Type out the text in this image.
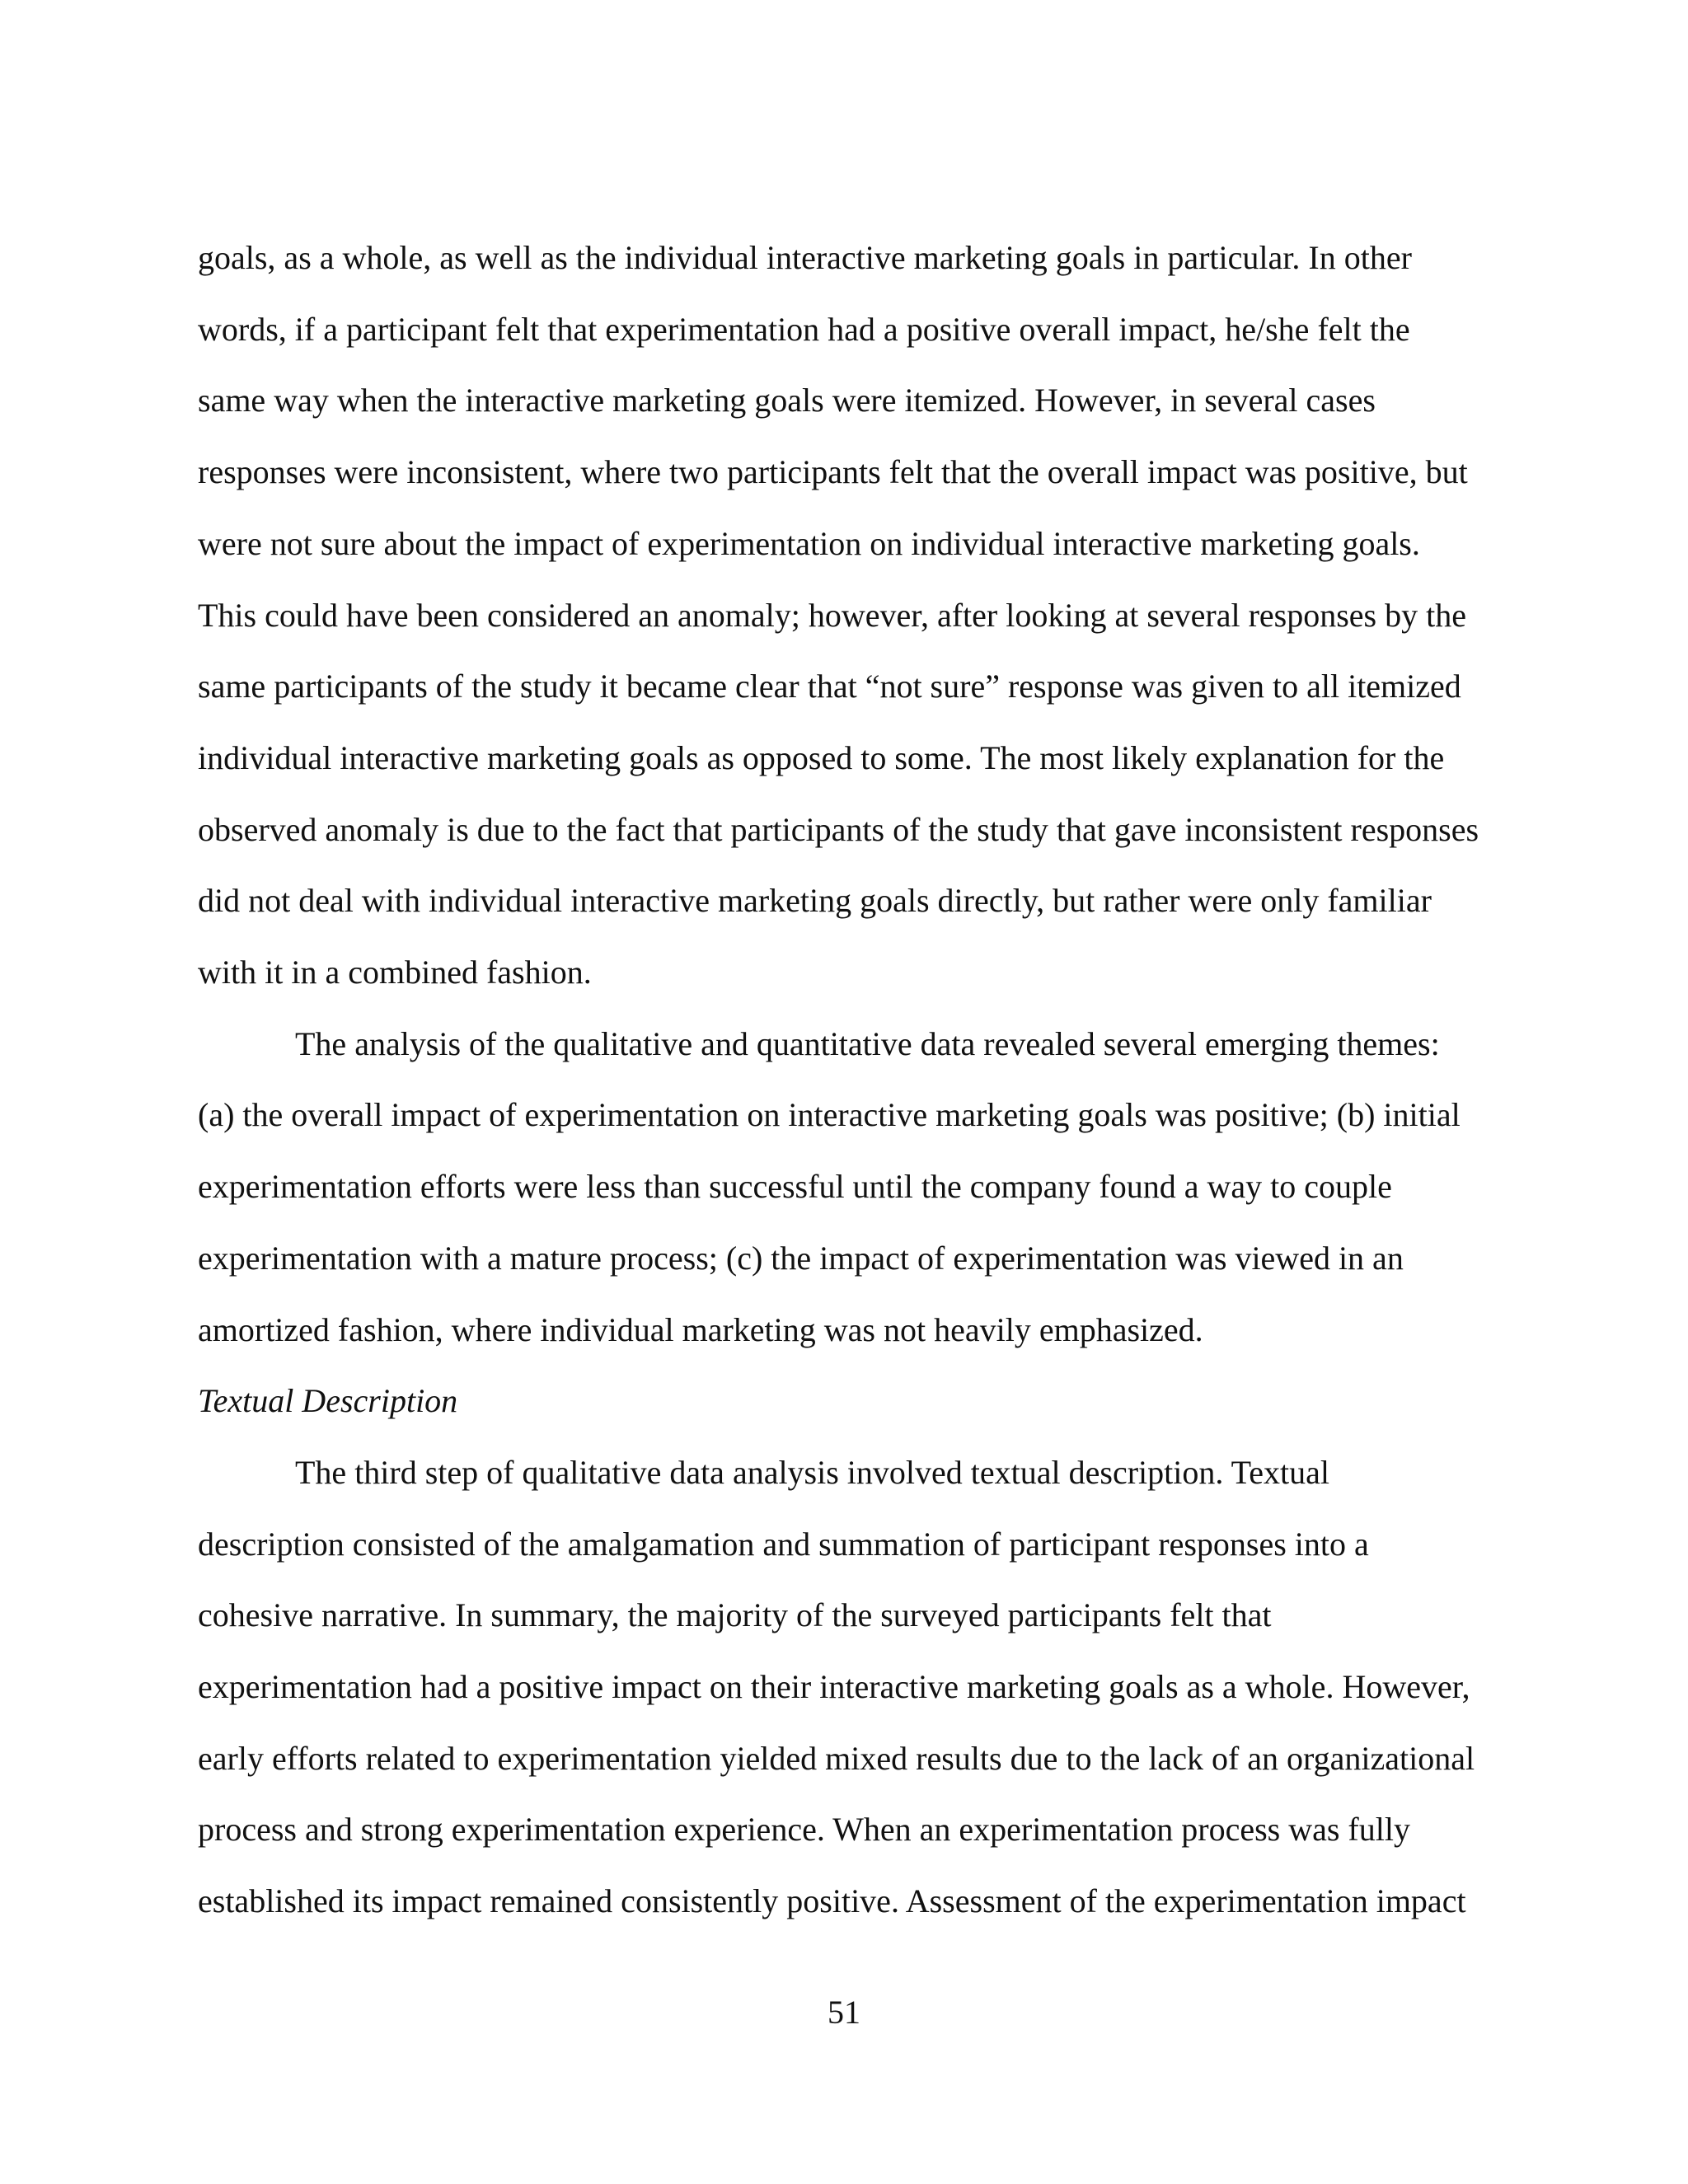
goals, as a whole, as well as the individual interactive marketing goals in particular. In other
words, if a participant felt that experimentation had a positive overall impact, he/she felt the
same way when the interactive marketing goals were itemized. However, in several cases
responses were inconsistent, where two participants felt that the overall impact was positive, but
were not sure about the impact of experimentation on individual interactive marketing goals.
This could have been considered an anomaly; however, after looking at several responses by the
same participants of the study it became clear that “not sure” response was given to all itemized
individual interactive marketing goals as opposed to some. The most likely explanation for the
observed anomaly is due to the fact that participants of the study that gave inconsistent responses
did not deal with individual interactive marketing goals directly, but rather were only familiar
with it in a combined fashion.

The analysis of the qualitative and quantitative data revealed several emerging themes:
(a) the overall impact of experimentation on interactive marketing goals was positive; (b) initial
experimentation efforts were less than successful until the company found a way to couple
experimentation with a mature process; (c) the impact of experimentation was viewed in an
amortized fashion, where individual marketing was not heavily emphasized.

Textual Description

The third step of qualitative data analysis involved textual description. Textual
description consisted of the amalgamation and summation of participant responses into a
cohesive narrative. In summary, the majority of the surveyed participants felt that
experimentation had a positive impact on their interactive marketing goals as a whole. However,
early efforts related to experimentation yielded mixed results due to the lack of an organizational
process and strong experimentation experience. When an experimentation process was fully
established its impact remained consistently positive. Assessment of the experimentation impact

51
